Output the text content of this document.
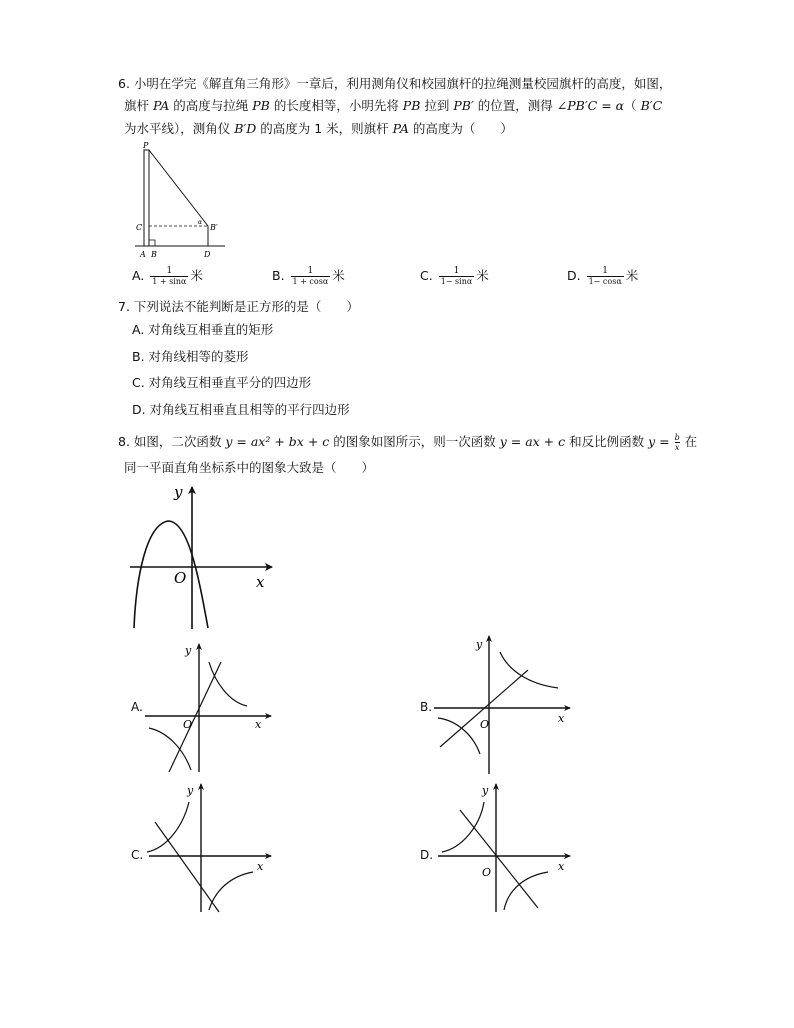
6. 小明在学完《解直角三角形》一章后，利用测角仪和校园旗杆的拉绳测量校园旗杆的高度，如图，
旗杆 PA 的高度与拉绳 PB 的长度相等，小明先将 PB 拉到 PB′ 的位置，测得 ∠PB′C = α（ B′C
为水平线），测角仪 B′D 的高度为 1 米，则旗杆 PA 的高度为（　　）
P
C
A B
B′
D
α
A. $\frac{1}{1 + \sin\alpha}$ 米	B. $\frac{1}{1 + \cos\alpha}$ 米	C. $\frac{1}{1- \sin\alpha}$ 米	D. $\frac{1}{1- \cos\alpha}$ 米
7. 下列说法不能判断是正方形的是（　　）
A. 对角线互相垂直的矩形
B. 对角线相等的菱形
C. 对角线互相垂直平分的四边形
D. 对角线互相垂直且相等的平行四边形
8. 如图，二次函数 y = ax² + bx + c 的图象如图所示，则一次函数 y = ax + c 和反比例函数 $y = \frac{b}{x}$ 在
同一平面直角坐标系中的图象大致是（　　）
y
x
O
A.
y
x
O
B.
y
x
O
C.
y
x
D.
y
x
O
